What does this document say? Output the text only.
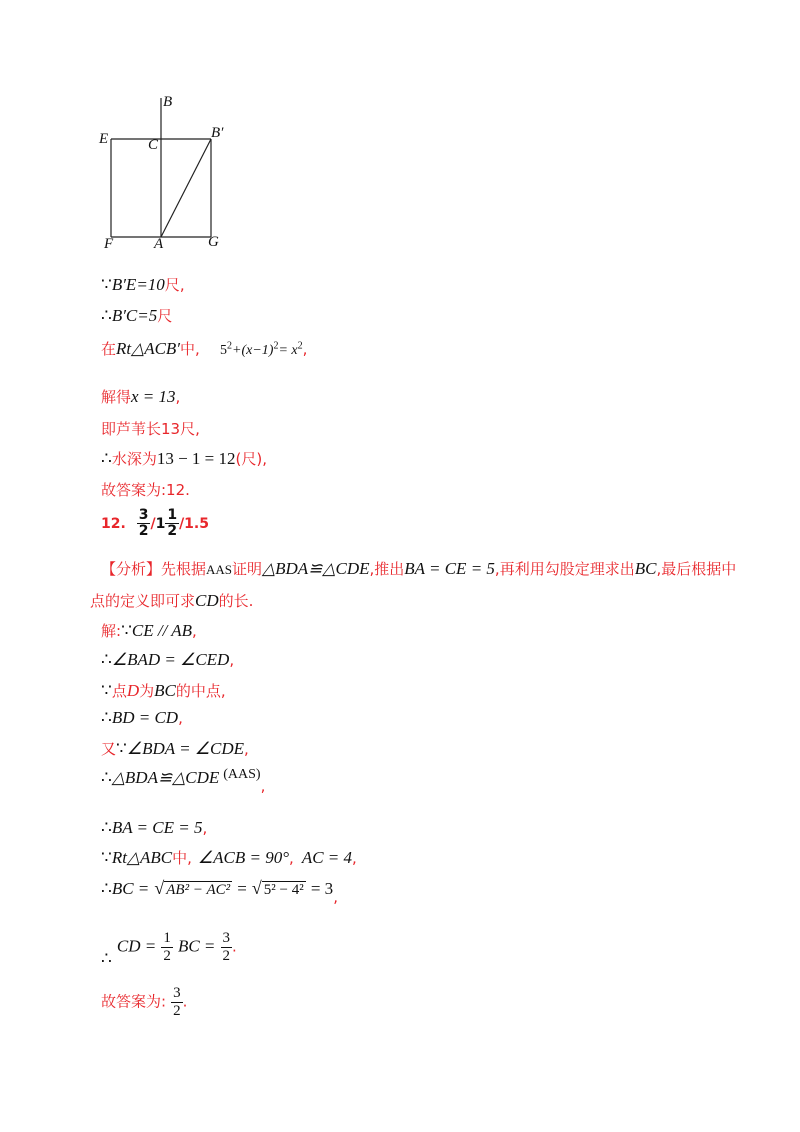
B
E	C
B′
F	A	G
∵B′E=10尺,
∴B′C=5尺
在Rt△ACB′中, $5^2+(x-1)^2= x^2$,
解得x = 13,
即芦苇长13尺,
∴水深为13 − 1 = 12(尺),
故答案为:12.
12. $\frac{3}{2} /1 \frac{1}{2} /1.5$
【分析】先根据AAS证明△BDA≌△CDE,推出BA = CE = 5,再利用勾股定理求出BC,最后根据中
点的定义即可求CD的长.
解:∵CE // AB,
∴∠BAD = ∠CED,
∵点D为BC的中点,
∴BD = CD,
又∵∠BDA = ∠CDE,
∴△BDA≌△CDE (AAS),
∴BA = CE = 5,
∵Rt△ABC中, ∠ACB = 90°, AC = 4,
∴BC = √ AB² − AC² = √ 5² − 4² = 3,
∴ CD = $\frac{1}{2}$ BC = $\frac{3}{2}$ .
故答案为: $\frac{3}{2}$ .
